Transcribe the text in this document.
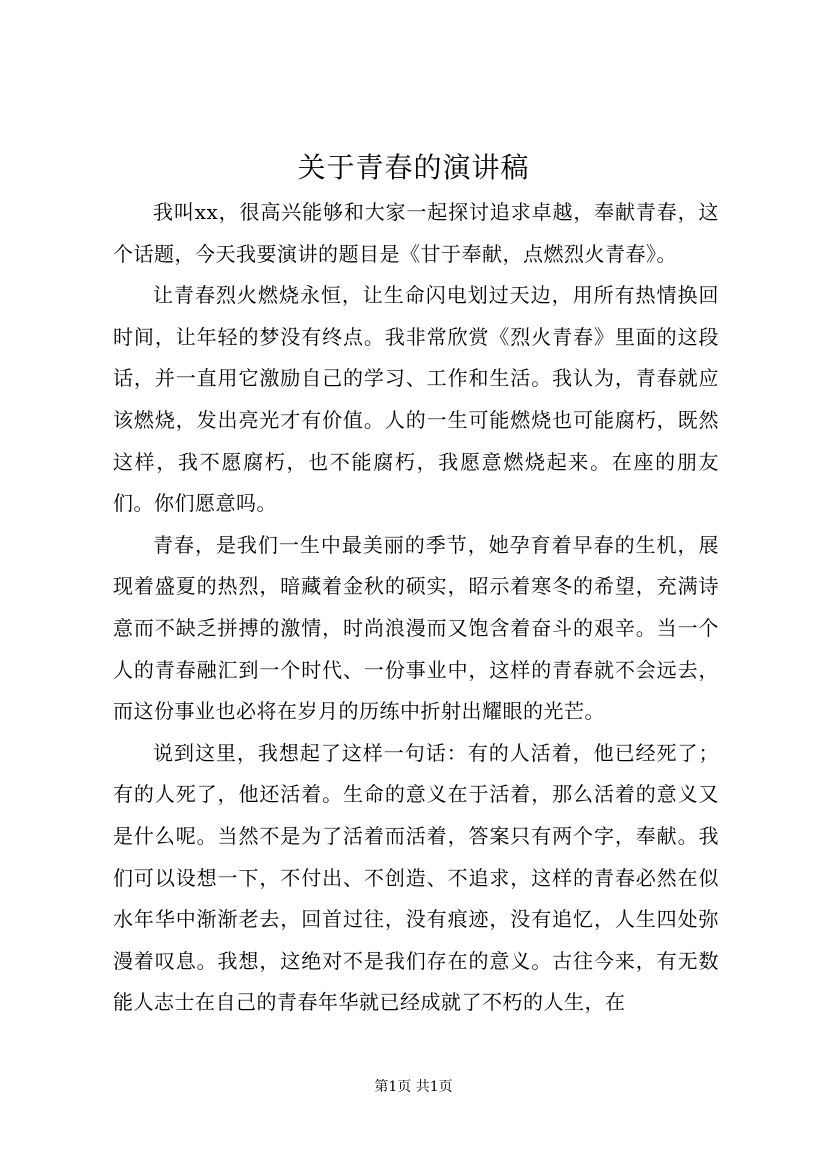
关于青春的演讲稿

我叫xx，很高兴能够和大家一起探讨追求卓越，奉献青春，这个话题，今天我要演讲的题目是《甘于奉献，点燃烈火青春》。

让青春烈火燃烧永恒，让生命闪电划过天边，用所有热情换回时间，让年轻的梦没有终点。我非常欣赏《烈火青春》里面的这段话，并一直用它激励自己的学习、工作和生活。我认为，青春就应该燃烧，发出亮光才有价值。人的一生可能燃烧也可能腐朽，既然这样，我不愿腐朽，也不能腐朽，我愿意燃烧起来。在座的朋友们。你们愿意吗。

青春，是我们一生中最美丽的季节，她孕育着早春的生机，展现着盛夏的热烈，暗藏着金秋的硕实，昭示着寒冬的希望，充满诗意而不缺乏拼搏的激情，时尚浪漫而又饱含着奋斗的艰辛。当一个人的青春融汇到一个时代、一份事业中，这样的青春就不会远去，而这份事业也必将在岁月的历练中折射出耀眼的光芒。

说到这里，我想起了这样一句话：有的人活着，他已经死了；有的人死了，他还活着。生命的意义在于活着，那么活着的意义又是什么呢。当然不是为了活着而活着，答案只有两个字，奉献。我们可以设想一下，不付出、不创造、不追求，这样的青春必然在似水年华中渐渐老去，回首过往，没有痕迹，没有追忆，人生四处弥漫着叹息。我想，这绝对不是我们存在的意义。古往今来，有无数能人志士在自己的青春年华就已经成就了不朽的人生，在

第1页 共1页
